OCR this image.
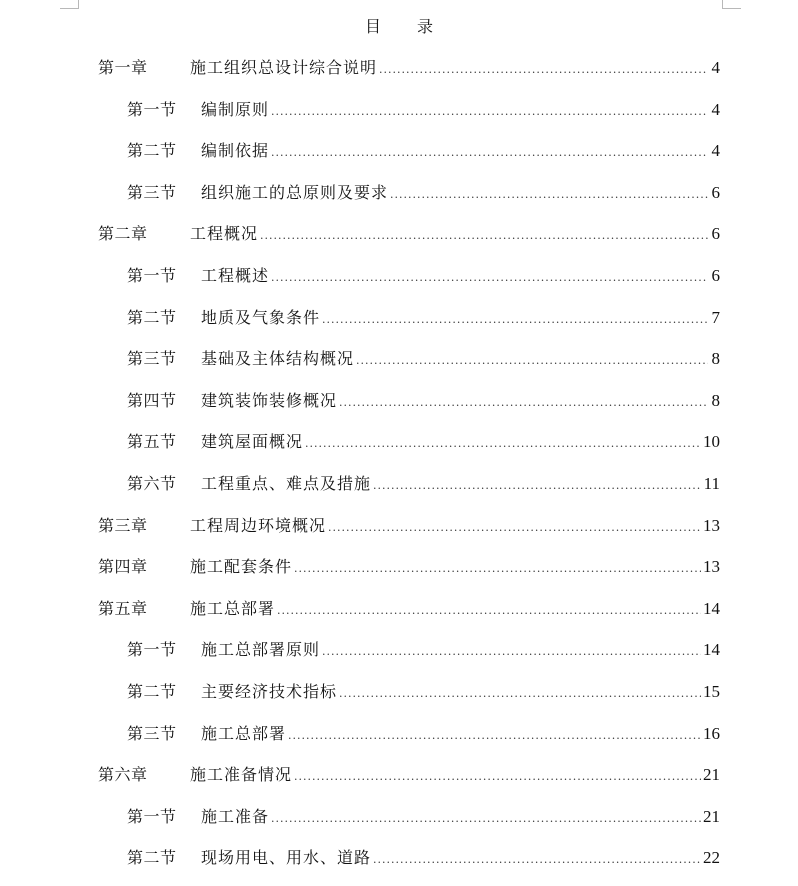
目 录
第一章	施工组织总设计综合说明 .....	4
第一节	编制原则 .....	4
第二节	编制依据 .....	4
第三节	组织施工的总原则及要求 .....	6
第二章	工程概况 .....	6
第一节	工程概述 .....	6
第二节	地质及气象条件 .....	7
第三节	基础及主体结构概况 .....	8
第四节	建筑装饰装修概况 .....	8
第五节	建筑屋面概况 .....	10
第六节	工程重点、难点及措施 .....	11
第三章	工程周边环境概况 .....	13
第四章	施工配套条件 .....	13
第五章	施工总部署 .....	14
第一节	施工总部署原则 .....	14
第二节	主要经济技术指标 .....	15
第三节	施工总部署 .....	16
第六章	施工准备情况 .....	21
第一节	施工准备 .....	21
第二节	现场用电、用水、道路 .....	22
